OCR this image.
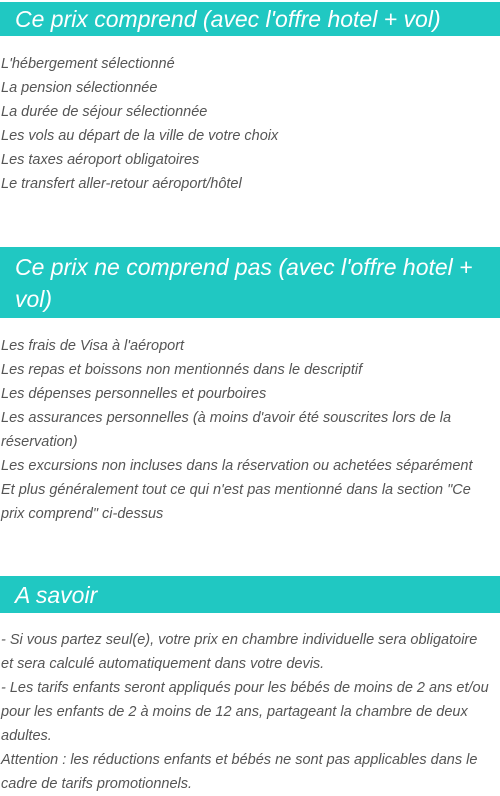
Ce prix comprend (avec l'offre hotel + vol)
L'hébergement sélectionné
La pension sélectionnée
La durée de séjour sélectionnée
Les vols au départ de la ville de votre choix
Les taxes aéroport obligatoires
Le transfert aller-retour aéroport/hôtel
Ce prix ne comprend pas (avec l'offre hotel + vol)
Les frais de Visa à l'aéroport
Les repas et boissons non mentionnés dans le descriptif
Les dépenses personnelles et pourboires
Les assurances personnelles (à moins d'avoir été souscrites lors de la réservation)
Les excursions non incluses dans la réservation ou achetées séparément
Et plus généralement tout ce qui n'est pas mentionné dans la section "Ce prix comprend" ci-dessus
A savoir
- Si vous partez seul(e), votre prix en chambre individuelle sera obligatoire et sera calculé automatiquement dans votre devis.
- Les tarifs enfants seront appliqués pour les bébés de moins de 2 ans et/ou pour les enfants de 2 à moins de 12 ans, partageant la chambre de deux adultes.
Attention : les réductions enfants et bébés ne sont pas applicables dans le cadre de tarifs promotionnels.
